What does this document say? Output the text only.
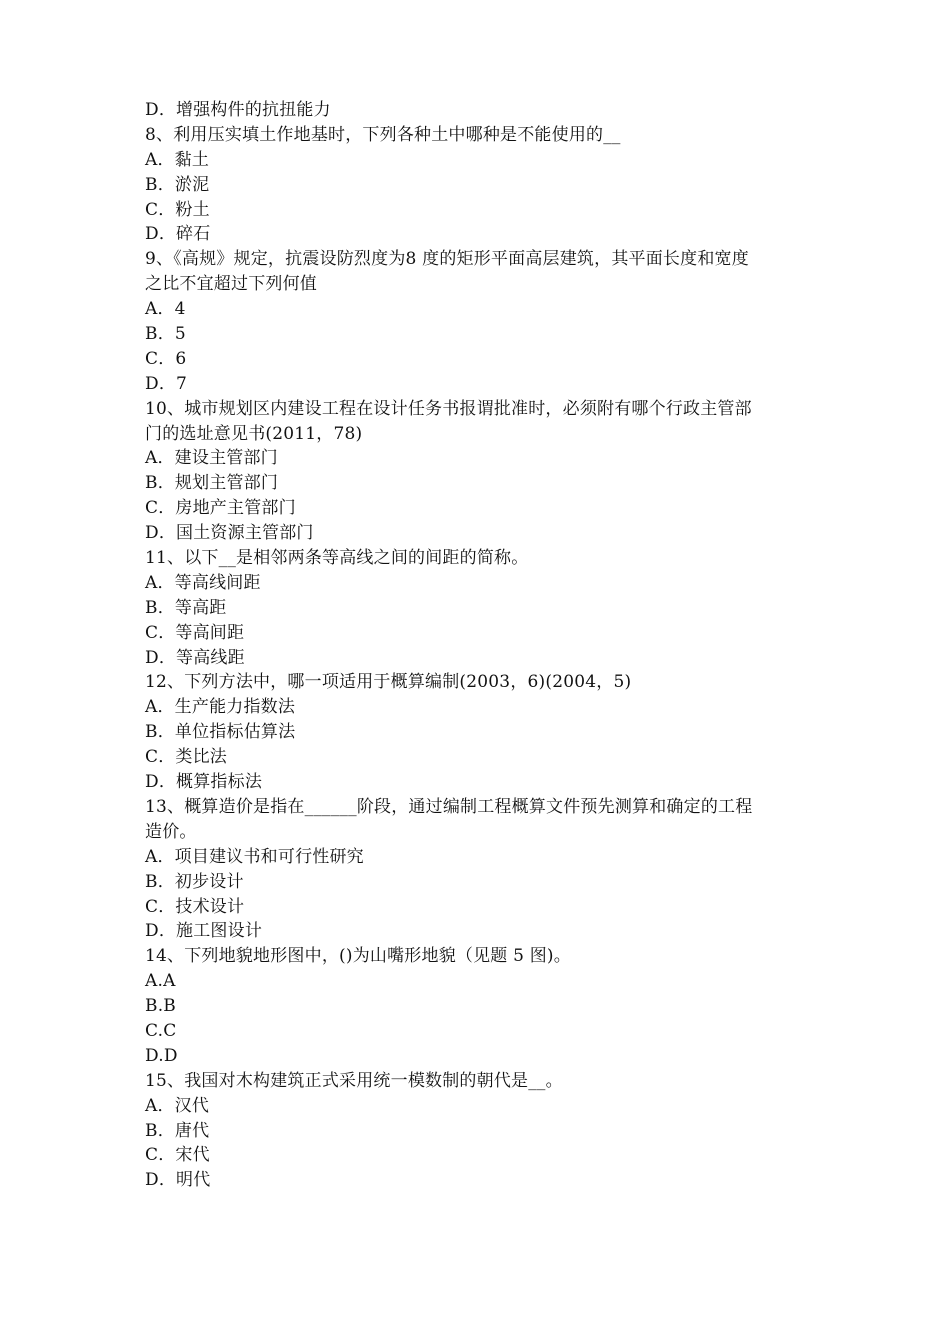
D．增强构件的抗扭能力
8、利用压实填土作地基时，下列各种土中哪种是不能使用的__
A．黏土
B．淤泥
C．粉土
D．碎石
9、《高规》规定，抗震设防烈度为8 度的矩形平面高层建筑，其平面长度和宽度
之比不宜超过下列何值
A．4
B．5
C．6
D．7
10、城市规划区内建设工程在设计任务书报谓批准时，必须附有哪个行政主管部
门的选址意见书(2011，78)
A．建设主管部门
B．规划主管部门
C．房地产主管部门
D．国土资源主管部门
11、以下__是相邻两条等高线之间的间距的简称。
A．等高线间距
B．等高距
C．等高间距
D．等高线距
12、下列方法中，哪一项适用于概算编制(2003，6)(2004，5)
A．生产能力指数法
B．单位指标估算法
C．类比法
D．概算指标法
13、概算造价是指在______阶段，通过编制工程概算文件预先测算和确定的工程
造价。
A．项目建议书和可行性研究
B．初步设计
C．技术设计
D．施工图设计
14、下列地貌地形图中，()为山嘴形地貌（见题 5 图)。
A.A
B.B
C.C
D.D
15、我国对木构建筑正式采用统一模数制的朝代是__。
A．汉代
B．唐代
C．宋代
D．明代
